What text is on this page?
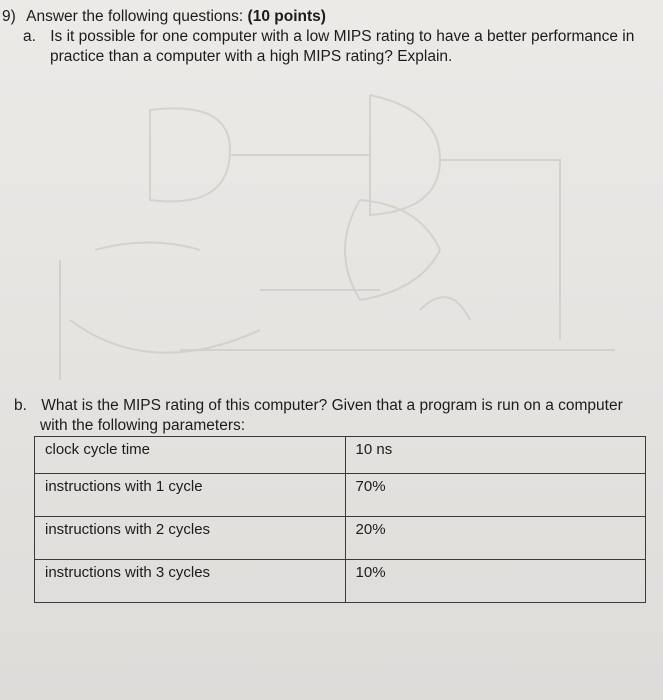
9) Answer the following questions: (10 points)
a. Is it possible for one computer with a low MIPS rating to have a better performance in
practice than a computer with a high MIPS rating? Explain.
b. What is the MIPS rating of this computer? Given that a program is run on a computer
with the following parameters:
clock cycle time	10 ns
instructions with 1 cycle	70%
instructions with 2 cycles	20%
instructions with 3 cycles	10%
